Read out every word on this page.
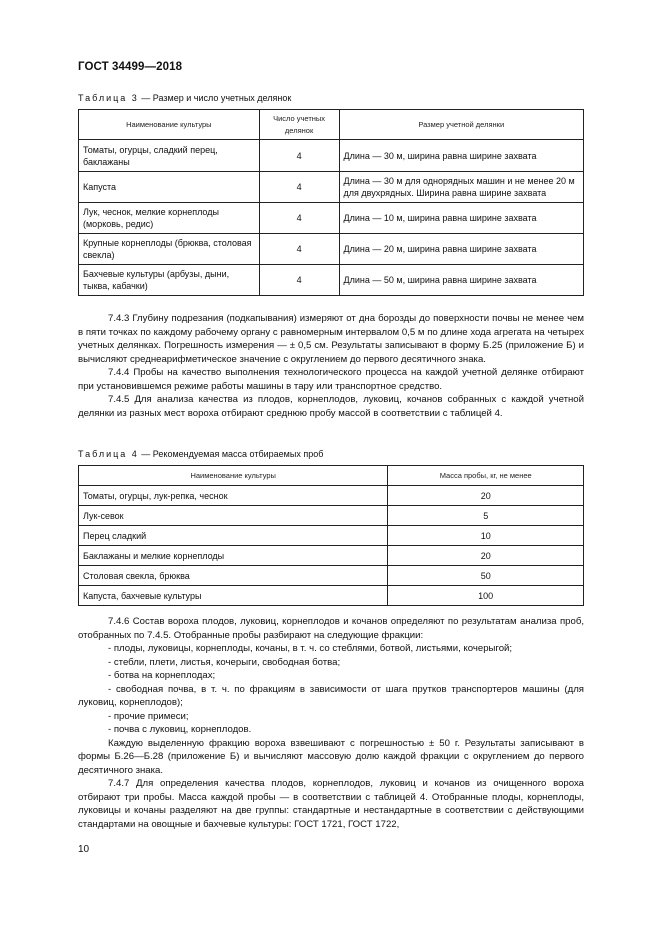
ГОСТ 34499—2018
Таблица 3 — Размер и число учетных делянок
Наименование культуры	Число учетных делянок	Размер учетной делянки
Томаты, огурцы, сладкий перец, баклажаны	4	Длина — 30 м, ширина равна ширине захвата
Капуста	4	Длина — 30 м для однорядных машин и не менее 20 м для двухрядных. Ширина равна ширине захвата
Лук, чеснок, мелкие корнеплоды (морковь, редис)	4	Длина — 10 м, ширина равна ширине захвата
Крупные корнеплоды (брюква, столовая свекла)	4	Длина — 20 м, ширина равна ширине захвата
Бахчевые культуры (арбузы, дыни, тыква, кабачки)	4	Длина — 50 м, ширина равна ширине захвата

7.4.3 Глубину подрезания (подкапывания) измеряют от дна борозды до поверхности почвы не менее чем в пяти точках по каждому рабочему органу с равномерным интервалом 0,5 м по длине хода агрегата на четырех учетных делянках. Погрешность измерения — ± 0,5 см. Результаты записывают в форму Б.25 (приложение Б) и вычисляют среднеарифметическое значение с округлением до первого десятичного знака.

7.4.4 Пробы на качество выполнения технологического процесса на каждой учетной делянке отбирают при установившемся режиме работы машины в тару или транспортное средство.

7.4.5 Для анализа качества из плодов, корнеплодов, луковиц, кочанов собранных с каждой учетной делянки из разных мест вороха отбирают среднюю пробу массой в соответствии с таблицей 4.

Таблица 4 — Рекомендуемая масса отбираемых проб
Наименование культуры	Масса пробы, кг, не менее
Томаты, огурцы, лук-репка, чеснок	20
Лук-севок	5
Перец сладкий	10
Баклажаны и мелкие корнеплоды	20
Столовая свекла, брюква	50
Капуста, бахчевые культуры	100

7.4.6 Состав вороха плодов, луковиц, корнеплодов и кочанов определяют по результатам анализа проб, отобранных по 7.4.5. Отобранные пробы разбирают на следующие фракции:

- плоды, луковицы, корнеплоды, кочаны, в т. ч. со стеблями, ботвой, листьями, кочерыгой;

- стебли, плети, листья, кочерыги, свободная ботва;

- ботва на корнеплодах;

- свободная почва, в т. ч. по фракциям в зависимости от шага прутков транспортеров машины (для луковиц, корнеплодов);

- прочие примеси;

- почва с луковиц, корнеплодов.

Каждую выделенную фракцию вороха взвешивают с погрешностью ± 50 г. Результаты записывают в формы Б.26—Б.28 (приложение Б) и вычисляют массовую долю каждой фракции с округлением до первого десятичного знака.

7.4.7 Для определения качества плодов, корнеплодов, луковиц и кочанов из очищенного вороха отбирают три пробы. Масса каждой пробы — в соответствии с таблицей 4. Отобранные плоды, корнеплоды, луковицы и кочаны разделяют на две группы: стандартные и нестандартные в соответствии с действующими стандартами на овощные и бахчевые культуры: ГОСТ 1721, ГОСТ 1722,

10
